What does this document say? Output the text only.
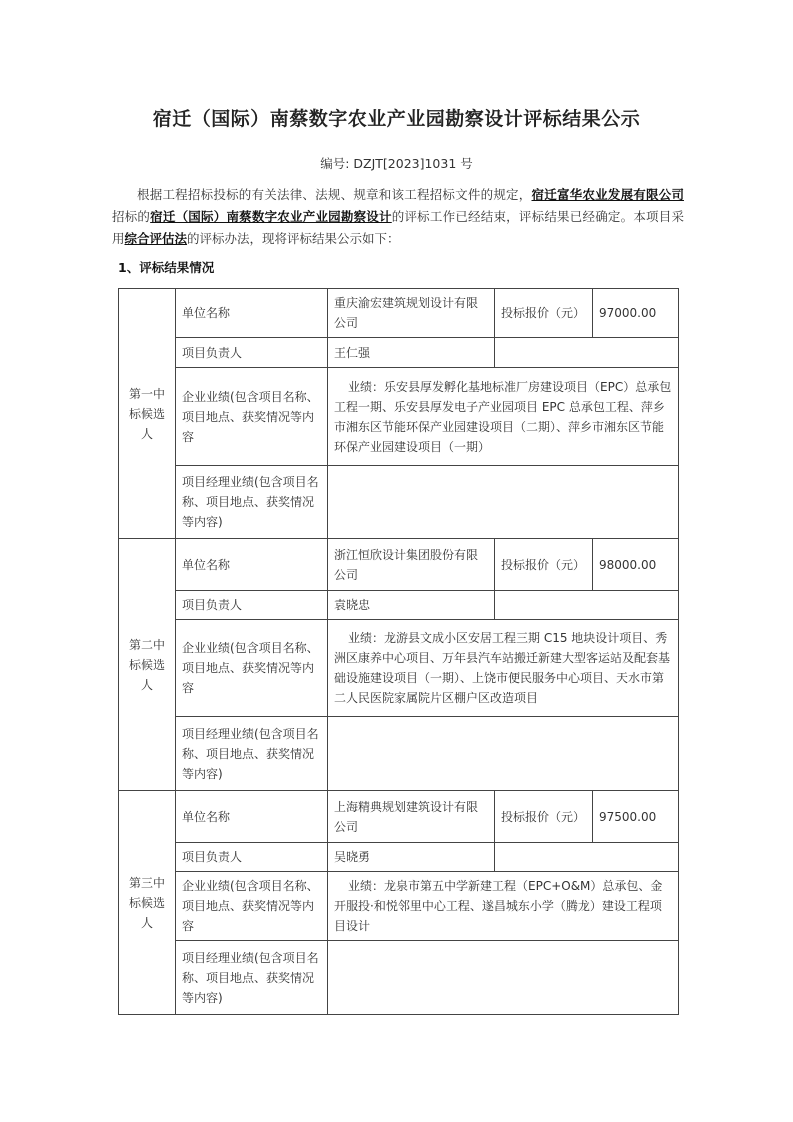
宿迁（国际）南蔡数字农业产业园勘察设计评标结果公示
编号: DZJT[2023]1031 号
根据工程招标投标的有关法律、法规、规章和该工程招标文件的规定，宿迁富华农业发展有限公司招标的宿迁（国际）南蔡数字农业产业园勘察设计的评标工作已经结束，评标结果已经确定。本项目采用综合评估法的评标办法，现将评标结果公示如下：
1、评标结果情况
第一中标候选人	单位名称	重庆渝宏建筑规划设计有限公司	投标报价（元）	97000.00
	项目负责人	王仁强		
	企业业绩(包含项目名称、项目地点、获奖情况等内容	业绩：乐安县厚发孵化基地标准厂房建设项目（EPC）总承包工程一期、乐安县厚发电子产业园项目 EPC 总承包工程、萍乡市湘东区节能环保产业园建设项目（二期）、萍乡市湘东区节能环保产业园建设项目（一期）		
	项目经理业绩(包含项目名称、项目地点、获奖情况等内容)			
第二中标候选人	单位名称	浙江恒欣设计集团股份有限公司	投标报价（元）	98000.00
	项目负责人	袁晓忠		
	企业业绩(包含项目名称、项目地点、获奖情况等内容	业绩：龙游县文成小区安居工程三期 C15 地块设计项目、秀洲区康养中心项目、万年县汽车站搬迁新建大型客运站及配套基础设施建设项目（一期）、上饶市便民服务中心项目、天水市第二人民医院家属院片区棚户区改造项目		
	项目经理业绩(包含项目名称、项目地点、获奖情况等内容)			
第三中标候选人	单位名称	上海精典规划建筑设计有限公司	投标报价（元）	97500.00
	项目负责人	吴晓勇		
	企业业绩(包含项目名称、项目地点、获奖情况等内容	业绩：龙泉市第五中学新建工程（EPC+O&M）总承包、金开服投·和悦邻里中心工程、遂昌城东小学（腾龙）建设工程项目设计		
	项目经理业绩(包含项目名称、项目地点、获奖情况等内容)			
